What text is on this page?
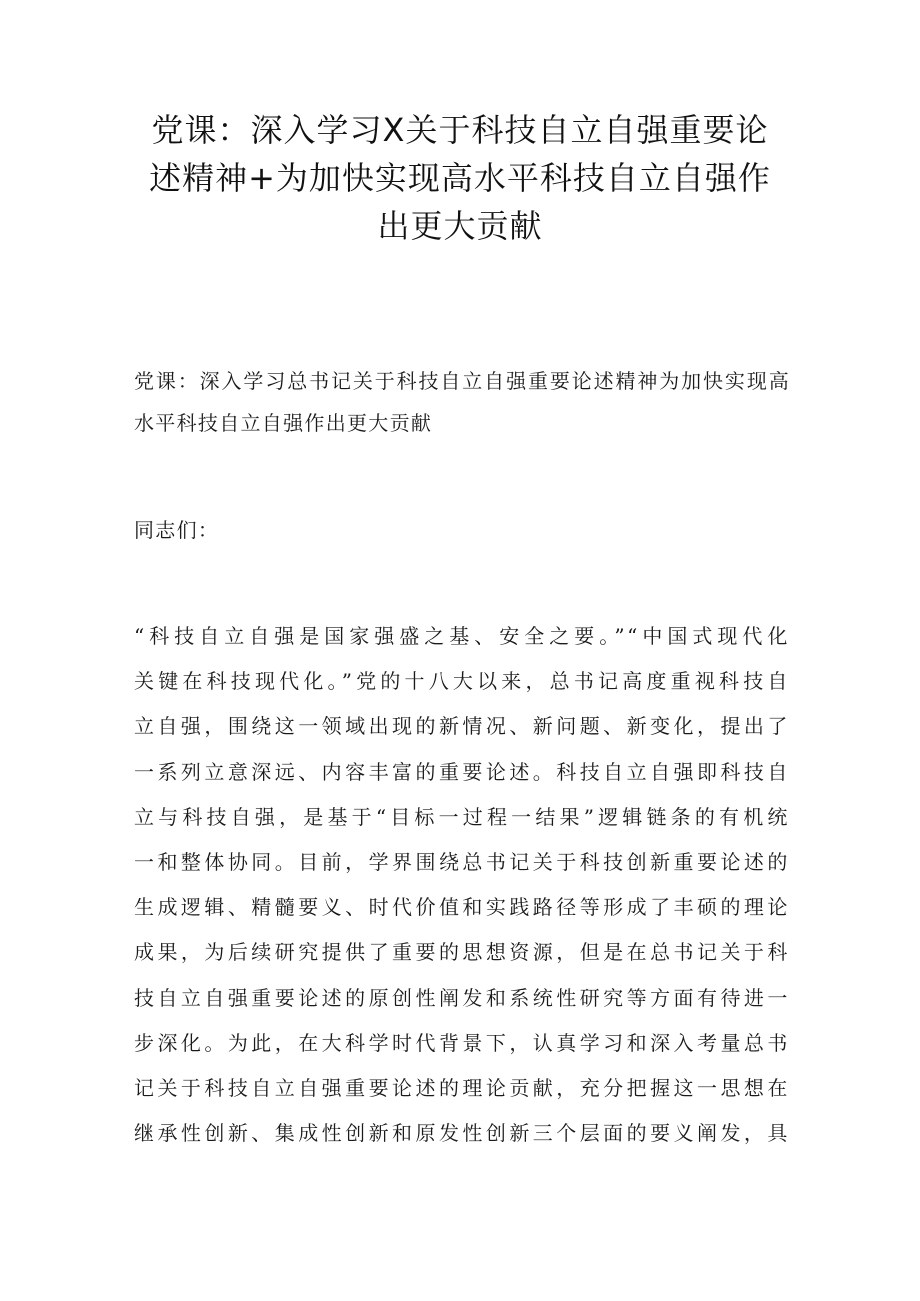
党课：深入学习Ⅹ关于科技自立自强重要论
述精神+为加快实现高水平科技自立自强作
出更大贡献

党课：深入学习总书记关于科技自立自强重要论述精神为加快实现高水平科技自立自强作出更大贡献

同志们：

“科技自立自强是国家强盛之基、安全之要。”“中国式现代化
关键在科技现代化。”党的十八大以来，总书记高度重视科技自
立自强，围绕这一领域出现的新情况、新问题、新变化，提出了
一系列立意深远、内容丰富的重要论述。科技自立自强即科技自
立与科技自强，是基于“目标一过程一结果”逻辑链条的有机统
一和整体协同。目前，学界围绕总书记关于科技创新重要论述的
生成逻辑、精髓要义、时代价值和实践路径等形成了丰硕的理论
成果，为后续研究提供了重要的思想资源，但是在总书记关于科
技自立自强重要论述的原创性阐发和系统性研究等方面有待进一
步深化。为此，在大科学时代背景下，认真学习和深入考量总书
记关于科技自立自强重要论述的理论贡献，充分把握这一思想在
继承性创新、集成性创新和原发性创新三个层面的要义阐发，具
